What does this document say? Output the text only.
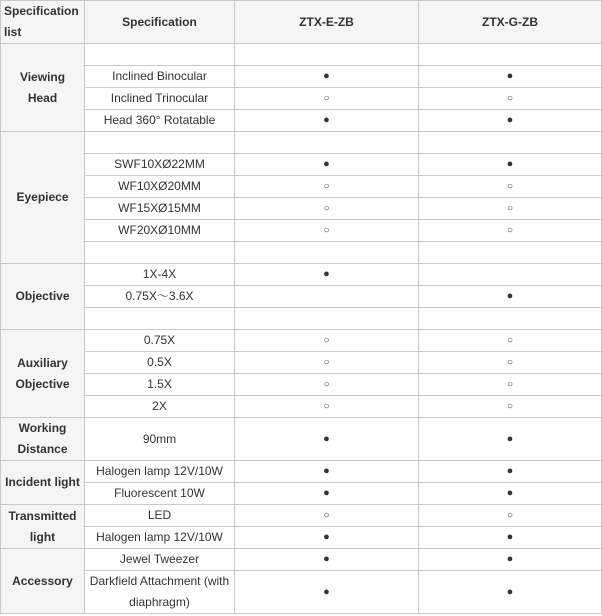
Specification list	Specification	ZTX-E-ZB	ZTX-G-ZB
Viewing Head			
	Inclined Binocular	●	●
	Inclined Trinocular	○	○
	Head 360° Rotatable	●	●
Eyepiece			
	SWF10XØ22MM	●	●
	WF10XØ20MM	○	○
	WF15XØ15MM	○	○
	WF20XØ10MM	○	○

Objective	1X-4X	●	
	0.75X～3.6X		●

Auxiliary Objective	0.75X	○	○
	0.5X	○	○
	1.5X	○	○
	2X	○	○
Working Distance	90mm	●	●
Incident light	Halogen lamp 12V/10W	●	●
	Fluorescent 10W	●	●
Transmitted light	LED	○	○
	Halogen lamp 12V/10W	●	●
Accessory	Jewel Tweezer	●	●
	Darkfield Attachment (with diaphragm)	●	●
